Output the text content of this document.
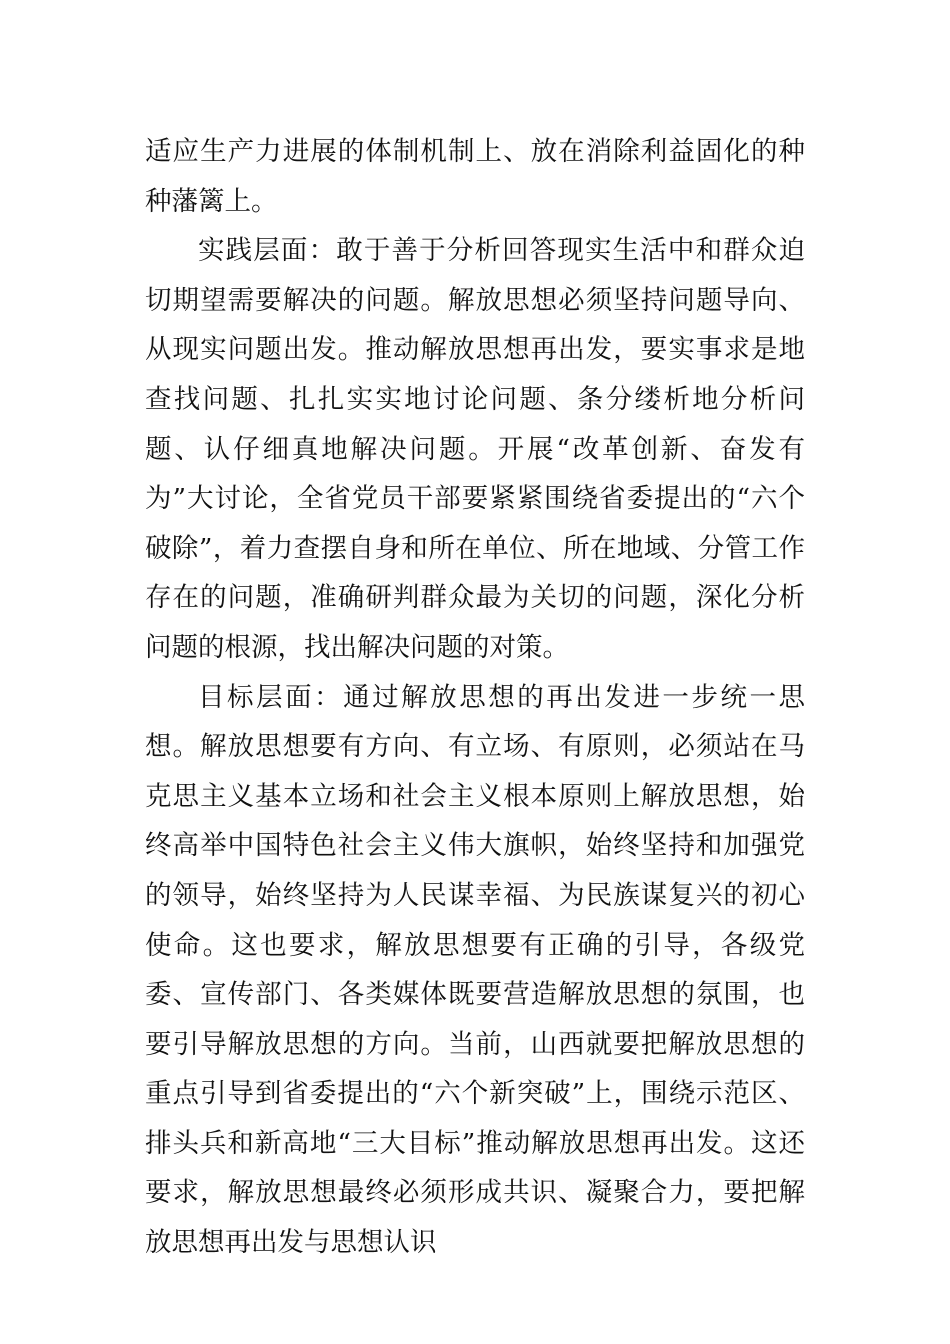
适应生产力进展的体制机制上、放在消除利益固化的种种藩篱上。

实践层面：敢于善于分析回答现实生活中和群众迫切期望需要解决的问题。解放思想必须坚持问题导向、从现实问题出发。推动解放思想再出发，要实事求是地查找问题、扎扎实实地讨论问题、条分缕析地分析问题、认仔细真地解决问题。开展“改革创新、奋发有为”大讨论，全省党员干部要紧紧围绕省委提出的“六个破除”，着力查摆自身和所在单位、所在地域、分管工作存在的问题，准确研判群众最为关切的问题，深化分析问题的根源，找出解决问题的对策。

目标层面：通过解放思想的再出发进一步统一思想。解放思想要有方向、有立场、有原则，必须站在马克思主义基本立场和社会主义根本原则上解放思想，始终高举中国特色社会主义伟大旗帜，始终坚持和加强党的领导，始终坚持为人民谋幸福、为民族谋复兴的初心使命。这也要求，解放思想要有正确的引导，各级党委、宣传部门、各类媒体既要营造解放思想的氛围，也要引导解放思想的方向。当前，山西就要把解放思想的重点引导到省委提出的“六个新突破”上，围绕示范区、排头兵和新高地“三大目标”推动解放思想再出发。这还要求，解放思想最终必须形成共识、凝聚合力，要把解放思想再出发与思想认识
